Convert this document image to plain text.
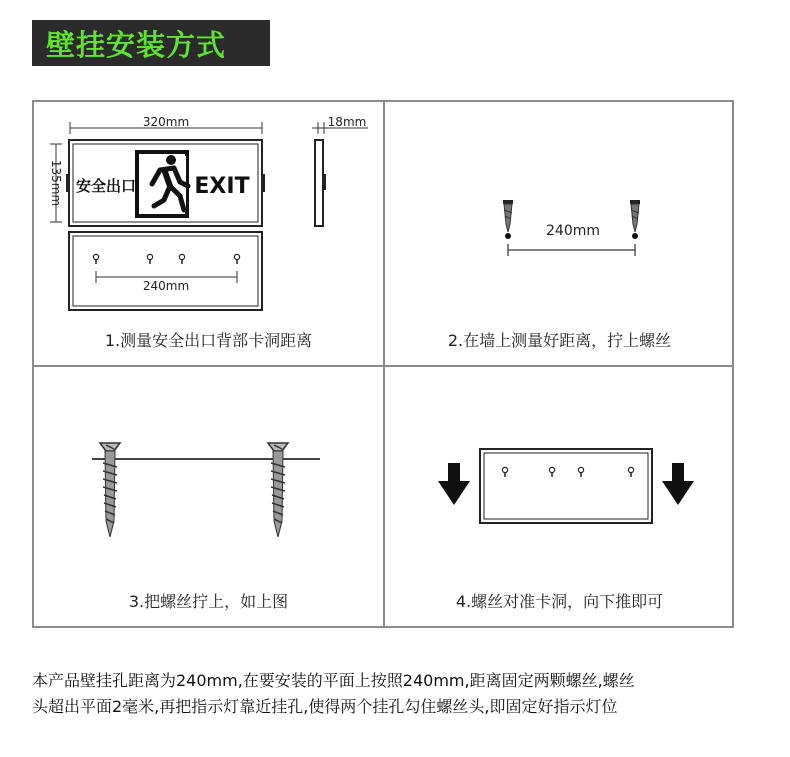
壁挂安装方式
320mm
135mm
18mm
安全出口	EXIT
240mm
1.测量安全出口背部卡洞距离
240mm
2.在墙上测量好距离，拧上螺丝
3.把螺丝拧上，如上图	4.螺丝对准卡洞，向下推即可
本产品壁挂孔距离为240mm,在要安装的平面上按照240mm,距离固定两颗螺丝,螺丝
头超出平面2毫米,再把指示灯靠近挂孔,使得两个挂孔勾住螺丝头,即固定好指示灯位
